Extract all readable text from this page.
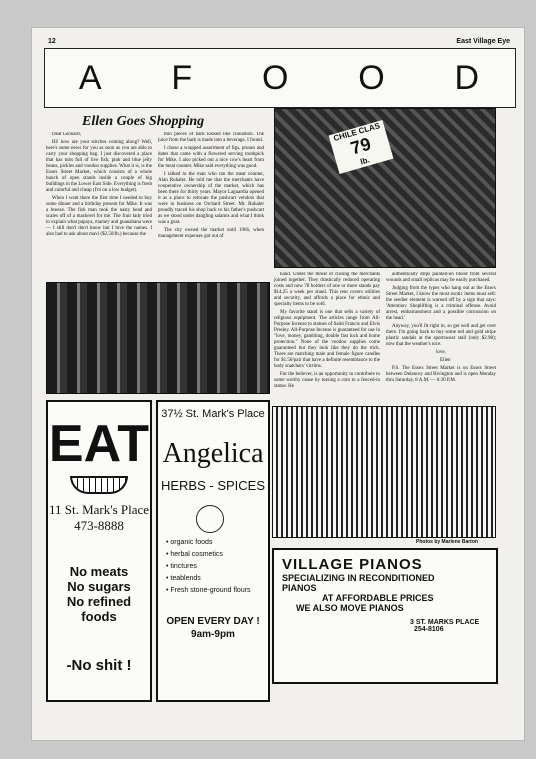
12	East Village Eye
A F O O D
Ellen Goes Shopping

Dear Leonard,

Hi! how are your stitches coming along? Well, here's some news for you as soon as you are able to carry your shopping bag. I just discovered a place that has tubs full of live fish, pink and blue jelly beans, pickles and voodoo supplies. What it is, is the Essex Street Market, which consists of a whole bunch of open stands inside a couple of big buildings in the Lower East Side. Everything is fresh and colorful and cheap (I'm on a low budget).

When I went there the first time I needed to buy some dinner and a birthday present for Mike. It was a breeze. The fish man took the nasty head and scales off of a mackerel for me. The fruit lady tried to explain what papaya, mamey and guanabana were — I still don't don't know but I love the names. I also had to ask about mavi ($2.50/lb.) because the

thin pieces of bark looked like cinnamon. The juice from the bark is made into a beverage, I found.

I chose a wrapped assortment of figs, prunes and dates that came with a flowered serving toothpick for Mike. I also picked out a nice cow's heart from the meat counter. Mike said everything was good.

I talked to the man who ran the meat counter, Alan Ruhaler. He told me that the merchants have cooperative ownership of the market, which has been there for thirty years. Mayor Laguardia opened it as a place to relocate the pushcart vendors that were in business on Orchard Street. Mr. Ruhaler proudly traced his shop back to his father's pushcart as we stood under dangling salamis and what I think was a goat.

The city owned the market until 1966, when management expenses got out of

CHILE CLAS
79
lb.

hand. Under the threat of closing the merchants joined together. They drastically reduced operating costs and now 78 holders of one or more stands pay $14.25 a week per stand. This rent covers utilities and security, and affords a place for ethnic and specialty items to be sold.

My favorite stand is one that sells a variety of religious equipment. The articles range from All-Purpose Incense to statues of Saint Francis and Elvis Presley. All-Purpose Incense is guaranteed for use in "love, money, gambling, double fast luck and home protection." None of the voodoo supplies come guaranteed but they look like they do the trick. There are matching male and female figure candles for $1.50/pair that have a definite resemblance to the body snatchers' victims.

For the believer, is an opportunity to contribute to some worthy cause by tossing a coin to a fenced-in statue. He

authentically drips painted-on blood from several wounds and small replicas may be easily purchased.

Judging from the types who hang out at the Essex Street Market, I know the most exotic items must sell: the seedier element is warned off by a sign that says: 'Attention: Shoplifting is a criminal offense. Avoid arrest, embarrassment and a possible concussion on the head.'

Anyway, you'll fit right in, so get well and get over there. I'm going back to buy some red and gold stripe plastic sandals at the sportswear stall (only $2.98); now that the weather's nice.

love,

Ellen

P.S. The Essex Street Market is on Essex Street between Delancey and Rivington and is open Monday thru Saturday, 8 A.M. — 6:30 P.M.

EAT
11 St. Mark's Place
473-8888
No meats
No sugars
No refined
foods
-No shit !
37½ St. Mark's Place
Angelica
HERBS - SPICES
• organic foods
• herbal cosmetics
• tinctures
• teablends
• Fresh stone-ground flours
OPEN EVERY DAY !
9am-9pm
Photos by Marlene Barton
VILLAGE PIANOS
SPECIALIZING IN RECONDITIONED
PIANOS
AT AFFORDABLE PRICES
WE ALSO MOVE PIANOS
3 ST. MARKS PLACE
254-8106
